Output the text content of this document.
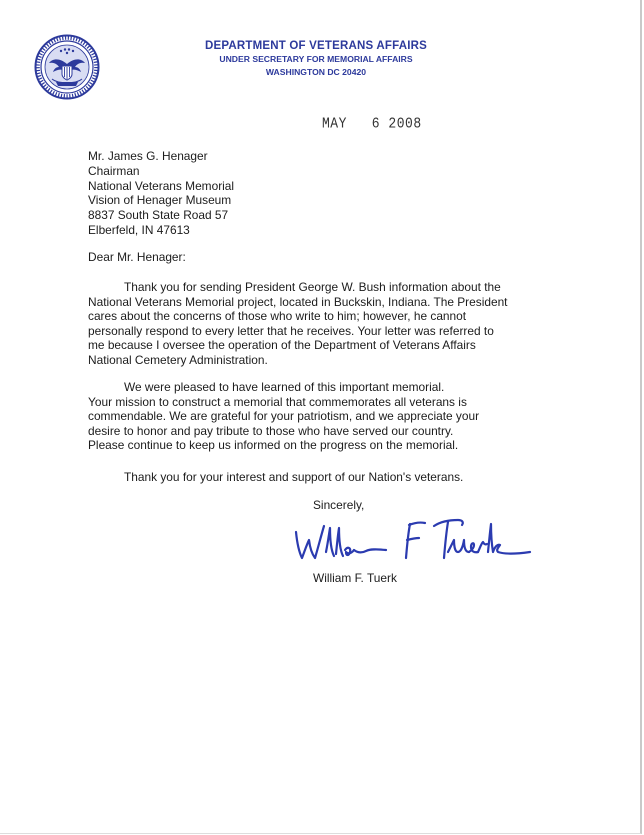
DEPARTMENT OF VETERANS AFFAIRS
UNDER SECRETARY FOR MEMORIAL AFFAIRS
WASHINGTON DC 20420
MAY   6 2008
Mr. James G. Henager
Chairman
National Veterans Memorial
Vision of Henager Museum
8837 South State Road 57
Elberfeld, IN 47613
Dear Mr. Henager:
Thank you for sending President George W. Bush information about the
National Veterans Memorial project, located in Buckskin, Indiana. The President
cares about the concerns of those who write to him; however, he cannot
personally respond to every letter that he receives. Your letter was referred to
me because I oversee the operation of the Department of Veterans Affairs
National Cemetery Administration.
We were pleased to have learned of this important memorial.
Your mission to construct a memorial that commemorates all veterans is
commendable. We are grateful for your patriotism, and we appreciate your
desire to honor and pay tribute to those who have served our country.
Please continue to keep us informed on the progress on the memorial.
Thank you for your interest and support of our Nation's veterans.
Sincerely,
William F. Tuerk
